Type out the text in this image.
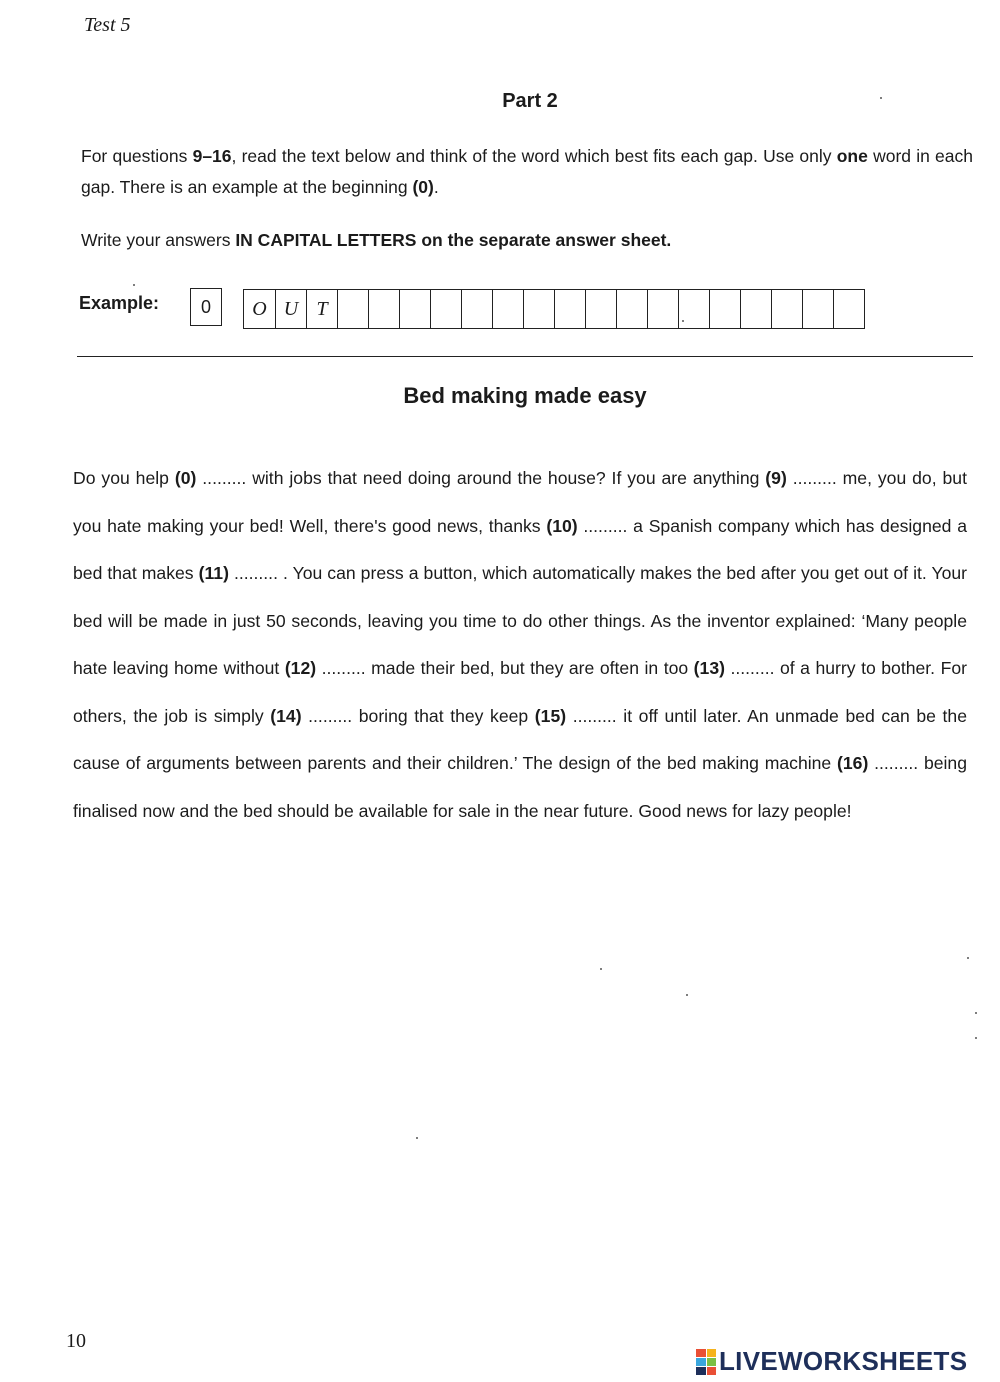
Test 5
Part 2
For questions 9–16, read the text below and think of the word which best fits each gap. Use only one word in each gap. There is an example at the beginning (0).
Write your answers IN CAPITAL LETTERS on the separate answer sheet.
Example:	0	O U T
Bed making made easy
Do you help (0) ......... with jobs that need doing around the house? If you are anything (9) ......... me, you do, but you hate making your bed! Well, there's good news, thanks (10) ......... a Spanish company which has designed a bed that makes (11) ......... . You can press a button, which automatically makes the bed after you get out of it. Your bed will be made in just 50 seconds, leaving you time to do other things. As the inventor explained: ‘Many people hate leaving home without (12) ......... made their bed, but they are often in too (13) ......... of a hurry to bother. For others, the job is simply (14) ......... boring that they keep (15) ......... it off until later. An unmade bed can be the cause of arguments between parents and their children.’ The design of the bed making machine (16) ......... being finalised now and the bed should be available for sale in the near future. Good news for lazy people!
10
LIVEWORKSHEETS
